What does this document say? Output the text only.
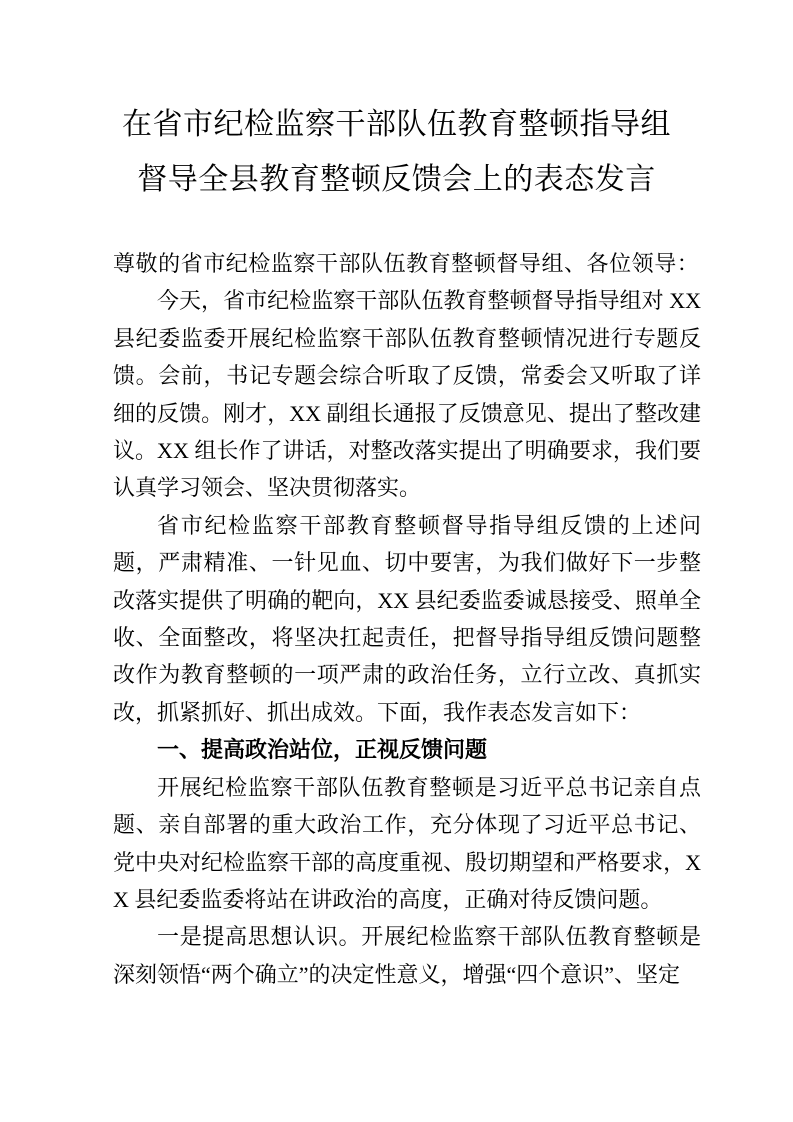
在省市纪检监察干部队伍教育整顿指导组
督导全县教育整顿反馈会上的表态发言

尊敬的省市纪检监察干部队伍教育整顿督导组、各位领导：

今天，省市纪检监察干部队伍教育整顿督导指导组对 XX 县纪委监委开展纪检监察干部队伍教育整顿情况进行专题反馈。会前，书记专题会综合听取了反馈，常委会又听取了详细的反馈。刚才，XX 副组长通报了反馈意见、提出了整改建议。XX 组长作了讲话，对整改落实提出了明确要求，我们要认真学习领会、坚决贯彻落实。

省市纪检监察干部教育整顿督导指导组反馈的上述问题，严肃精准、一针见血、切中要害，为我们做好下一步整改落实提供了明确的靶向，XX 县纪委监委诚恳接受、照单全收、全面整改，将坚决扛起责任，把督导指导组反馈问题整改作为教育整顿的一项严肃的政治任务，立行立改、真抓实改，抓紧抓好、抓出成效。下面，我作表态发言如下：

一、提高政治站位，正视反馈问题

开展纪检监察干部队伍教育整顿是习近平总书记亲自点题、亲自部署的重大政治工作，充分体现了习近平总书记、党中央对纪检监察干部的高度重视、殷切期望和严格要求，XX 县纪委监委将站在讲政治的高度，正确对待反馈问题。

一是提高思想认识。开展纪检监察干部队伍教育整顿是深刻领悟“两个确立”的决定性意义，增强“四个意识”、坚定
